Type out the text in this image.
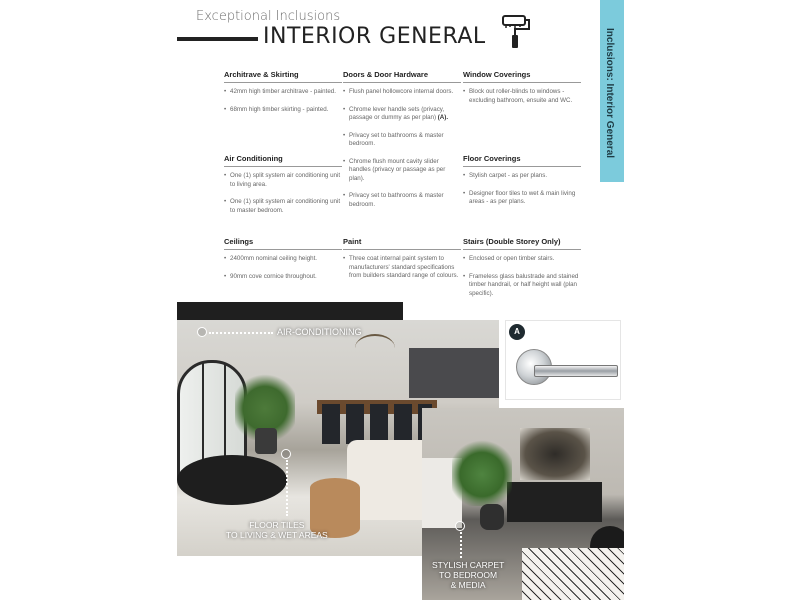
Exceptional Inclusions
INTERIOR GENERAL	Inclusions: Interior General
Architrave & Skirting
• 42mm high timber architrave - painted.
• 68mm high timber skirting - painted.
Air Conditioning
• One (1) split system air conditioning unit to living area.
• One (1) split system air conditioning unit to master bedroom.
Ceilings
• 2400mm nominal ceiling height.
• 90mm cove cornice throughout.
Doors & Door Hardware
• Flush panel hollowcore internal doors.
• Chrome lever handle sets (privacy, passage or dummy as per plan) (A).
• Privacy set to bathrooms & master bedroom.
• Chrome flush mount cavity slider handles (privacy or passage as per plan).
• Privacy set to bathrooms & master bedroom.
Paint
• Three coat internal paint system to manufacturers' standard specifications from builders standard range of colours.
Window Coverings
• Block out roller-blinds to windows - excluding bathroom, ensuite and WC.
Floor Coverings
• Stylish carpet - as per plans.
• Designer floor tiles to wet & main living areas - as per plans.
Stairs (Double Storey Only)
• Enclosed or open timber stairs.
• Frameless glass balustrade and stained timber handrail, or half height wall (plan specific).
A
AIR-CONDITIONING
FLOOR TILES
TO LIVING & WET AREAS
STYLISH CARPET
TO BEDROOM
& MEDIA
